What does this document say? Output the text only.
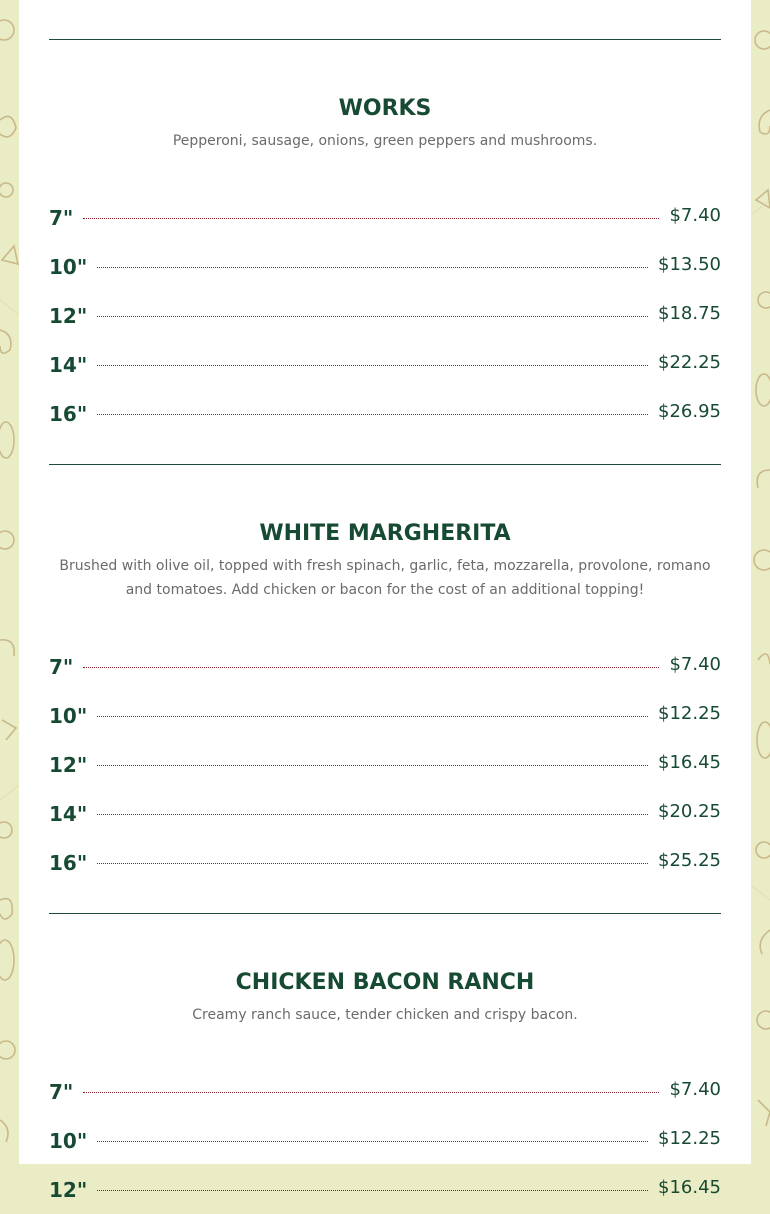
WORKS

Pepperoni, sausage, onions, green peppers and mushrooms.

7"	$7.40
10"	$13.50
12"	$18.75
14"	$22.25
16"	$26.95
WHITE MARGHERITA

Brushed with olive oil, topped with fresh spinach, garlic, feta, mozzarella, provolone, romano and tomatoes. Add chicken or bacon for the cost of an additional topping!

7"	$7.40
10"	$12.25
12"	$16.45
14"	$20.25
16"	$25.25
CHICKEN BACON RANCH

Creamy ranch sauce, tender chicken and crispy bacon.

7"	$7.40
10"	$12.25
12"	$16.45
